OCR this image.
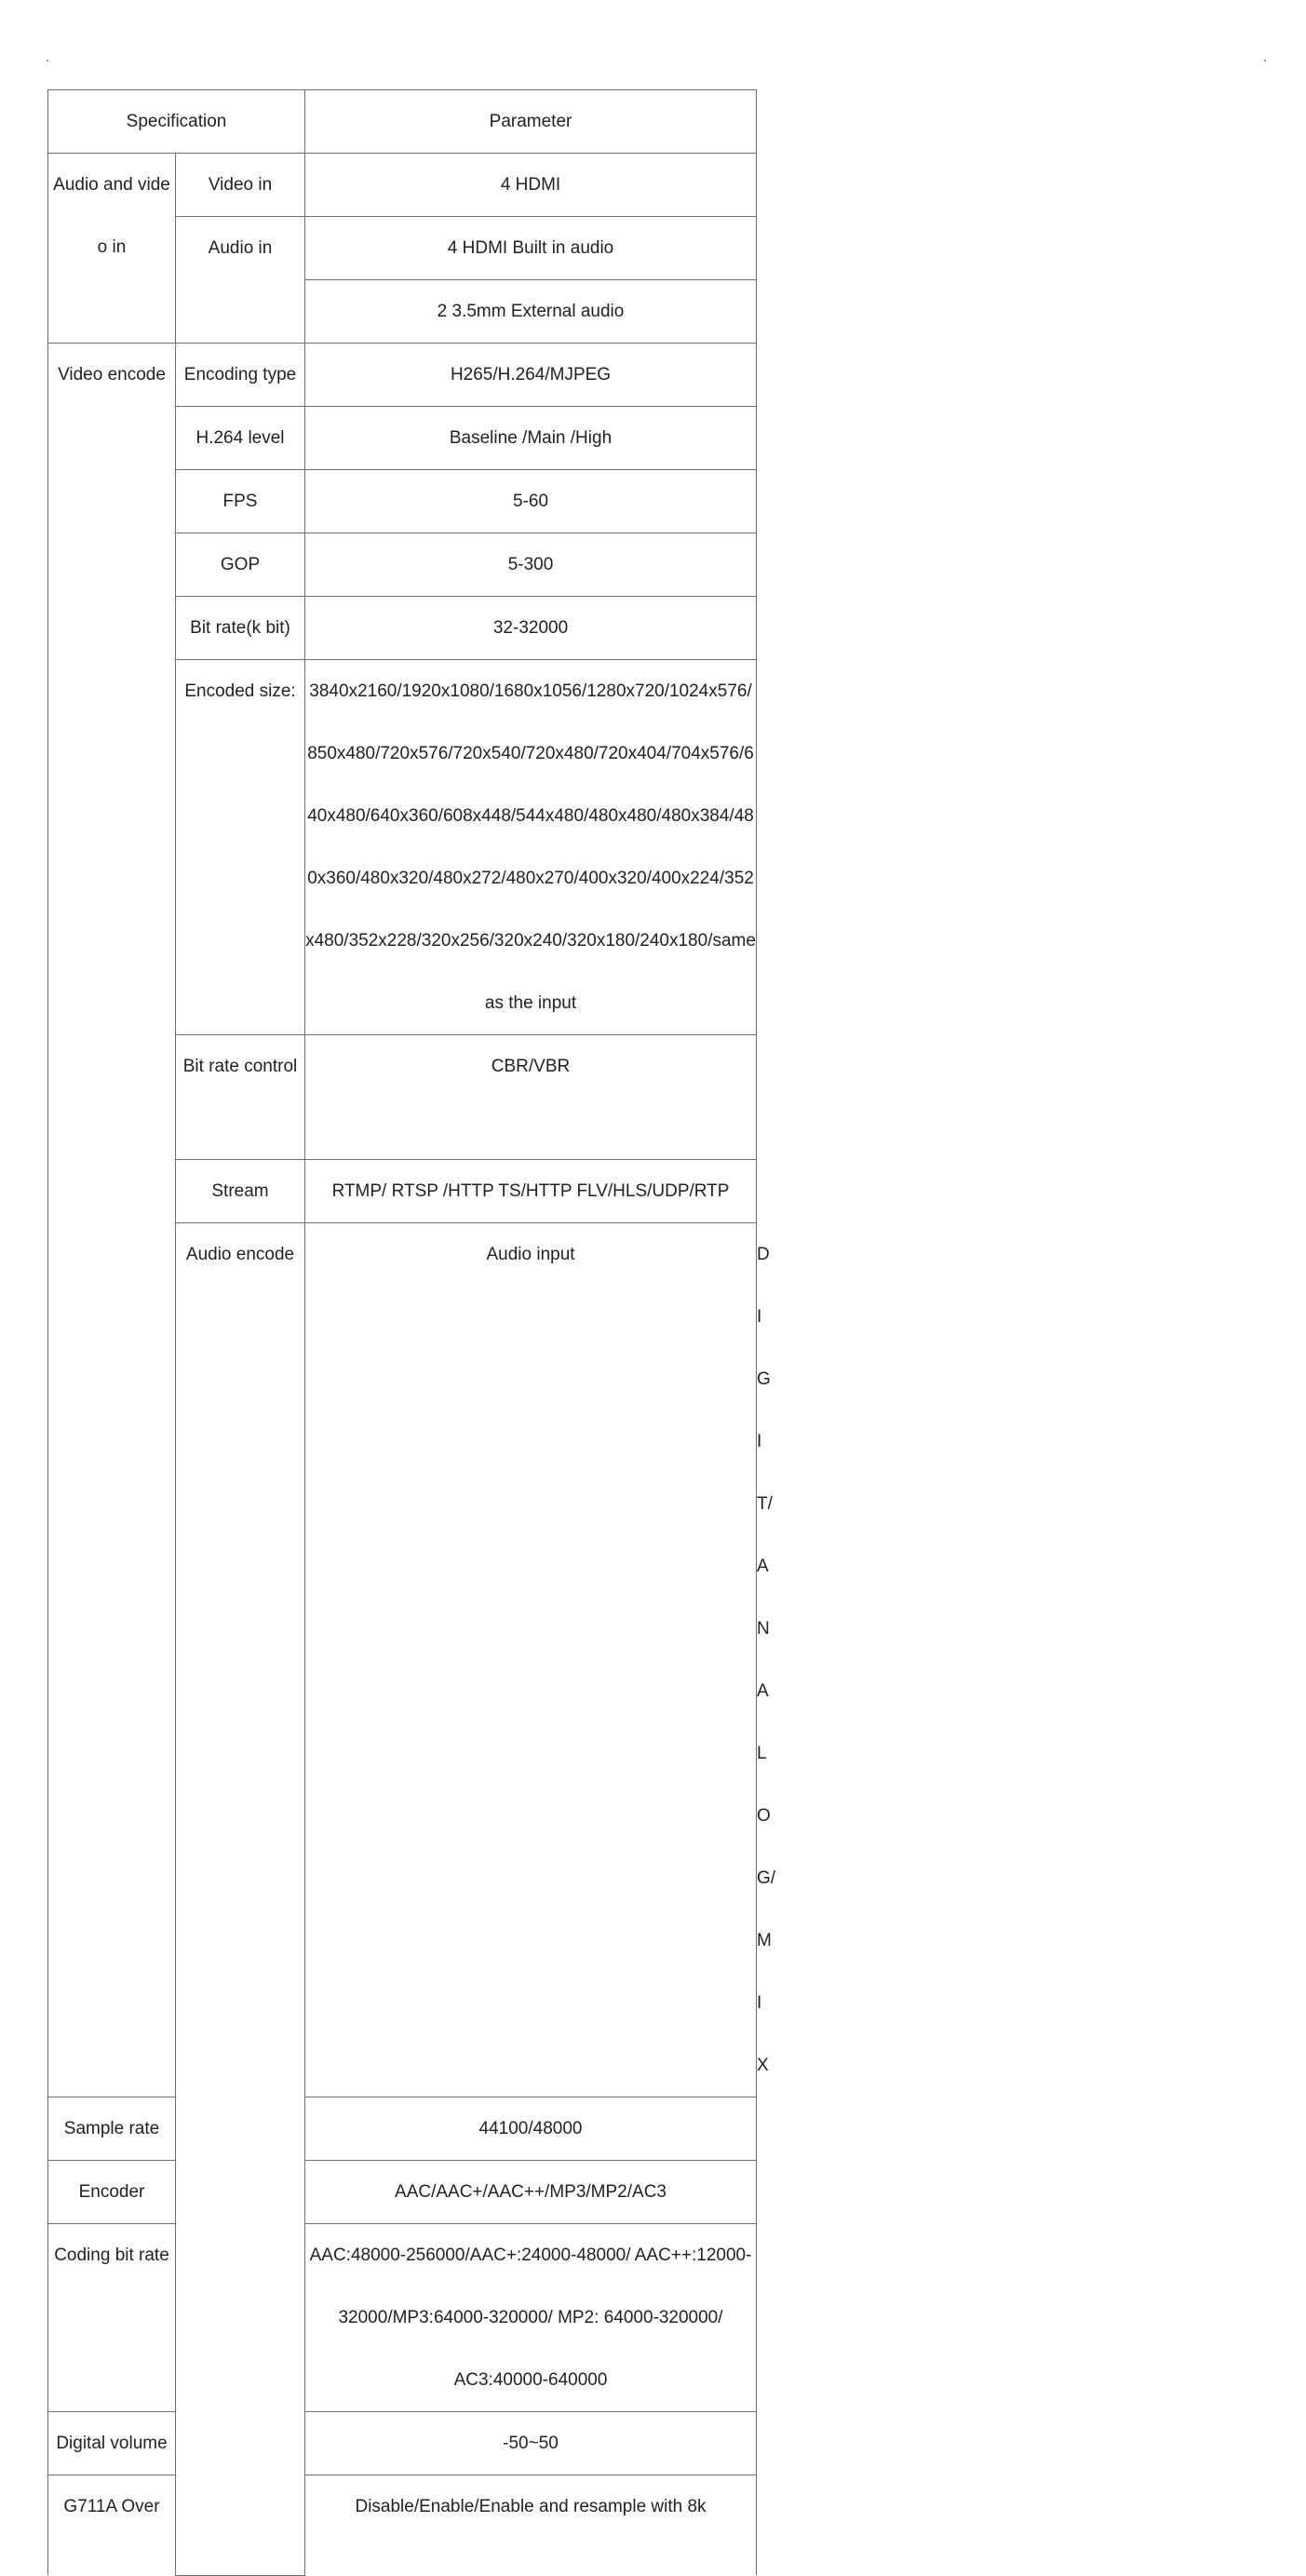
Specification		Parameter	
Audio and video in	Video in	4 HDMI	
	Audio in	4 HDMI Built in audio	
		2 3.5mm External audio	
Video encode	Encoding type	H265/H.264/MJPEG	
	H.264 level	Baseline /Main /High	
	FPS	5-60	
	GOP	5-300	
	Bit rate(k bit)	32-32000	
	Encoded size:	3840x2160/1920x1080/1680x1056/1280x720/1024x576/850x480/720x576/720x540/720x480/720x404/704x576/640x480/640x360/608x448/544x480/480x480/480x384/480x360/480x320/480x272/480x270/400x320/400x224/352x480/352x228/320x256/320x240/320x180/240x180/same as the input	
	Bit rate control	CBR/VBR	
	Stream	RTMP/ RTSP /HTTP TS/HTTP FLV/HLS/UDP/RTP	
	Audio encode	Audio input	DIGIT/ANALOG/MIX
Sample rate		44100/48000	
Encoder		AAC/AAC+/AAC++/MP3/MP2/AC3	
Coding bit rate		AAC:48000-256000/AAC+:24000-48000/ AAC++:12000-32000/MP3:64000-320000/ MP2: 64000-320000/ AC3:40000-640000	
Digital volume		-50~50	
G711A Over		Disable/Enable/Enable and resample with 8k	
